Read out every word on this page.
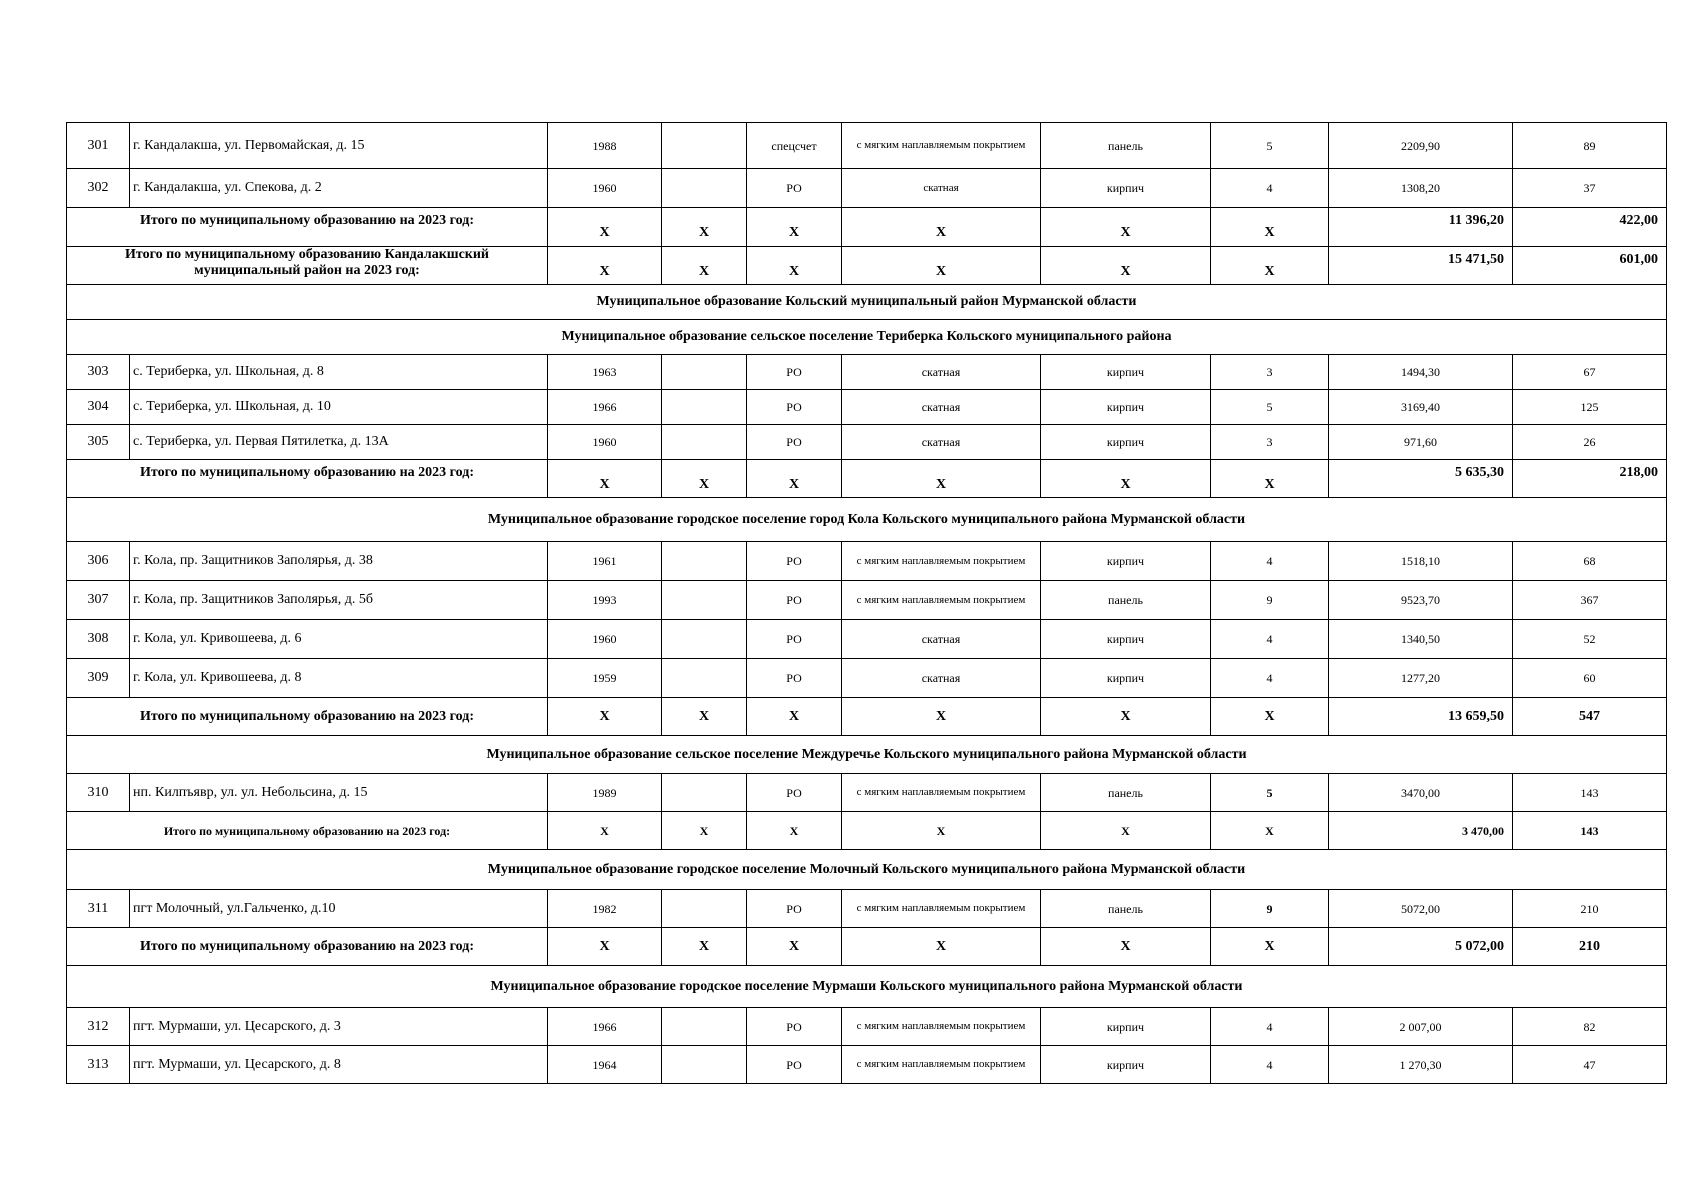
301	г. Кандалакша, ул. Первомайская, д. 15	1988		спецсчет	с мягким наплавляемым покрытием	панель	5	2209,90	89
302	г. Кандалакша, ул. Спекова, д. 2	1960		РО	скатная	кирпич	4	1308,20	37

Итого по муниципальному образованию на 2023 год:		X	X	X	X	X	X	11 396,20	422,00

Итого по муниципальному образованию Кандалакшский муниципальный район на 2023 год:		X	X	X	X	X	X	15 471,50	601,00

Муниципальное образование Кольский муниципальный район Мурманской области									
Муниципальное образование сельское поселение Териберка Кольского муниципального района									
303	с. Териберка, ул. Школьная, д. 8	1963		РО	скатная	кирпич	3	1494,30	67
304	с. Териберка, ул. Школьная, д. 10	1966		РО	скатная	кирпич	5	3169,40	125
305	с. Териберка, ул. Первая Пятилетка, д. 13А	1960		РО	скатная	кирпич	3	971,60	26

Итого по муниципальному образованию на 2023 год:		X	X	X	X	X	X	5 635,30	218,00

Муниципальное образование городское поселение город Кола Кольского муниципального района Мурманской области									
306	г. Кола, пр. Защитников Заполярья, д. 38	1961		РО	с мягким наплавляемым покрытием	кирпич	4	1518,10	68
307	г. Кола, пр. Защитников Заполярья, д. 5б	1993		РО	с мягким наплавляемым покрытием	панель	9	9523,70	367
308	г. Кола, ул. Кривошеева, д. 6	1960		РО	скатная	кирпич	4	1340,50	52
309	г. Кола, ул. Кривошеева, д. 8	1959		РО	скатная	кирпич	4	1277,20	60
Итого по муниципальному образованию на 2023 год:		X	X	X	X	X	X	13 659,50	547
Муниципальное образование сельское поселение Междуречье Кольского муниципального района Мурманской области									
310	нп. Килпъявр, ул. ул. Небольсина, д. 15	1989		РО	с мягким наплавляемым покрытием	панель	5	3470,00	143
Итого по муниципальному образованию на 2023 год:		X	X	X	X	X	X	3 470,00	143
Муниципальное образование городское поселение Молочный Кольского муниципального района Мурманской области									
311	пгт Молочный, ул.Гальченко, д.10	1982		РО	с мягким наплавляемым покрытием	панель	9	5072,00	210
Итого по муниципальному образованию на 2023 год:		X	X	X	X	X	X	5 072,00	210
Муниципальное образование городское поселение Мурмаши Кольского муниципального района Мурманской области									
312	пгт. Мурмаши, ул. Цесарского, д. 3	1966		РО	с мягким наплавляемым покрытием	кирпич	4	2 007,00	82
313	пгт. Мурмаши, ул. Цесарского, д. 8	1964		РО	с мягким наплавляемым покрытием	кирпич	4	1 270,30	47
